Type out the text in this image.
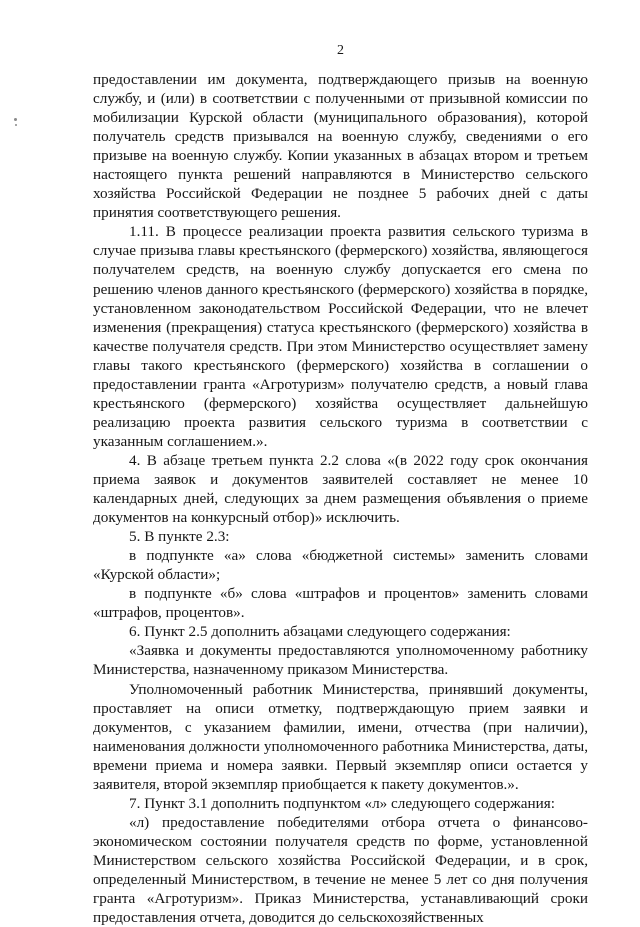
2

предоставлении им документа, подтверждающего призыв на военную службу, и (или) в соответствии с полученными от призывной комиссии по мобилизации Курской области (муниципального образования), которой получатель средств призывался на военную службу, сведениями о его призыве на военную службу. Копии указанных в абзацах втором и третьем настоящего пункта решений направляются в Министерство сельского хозяйства Российской Федерации не позднее 5 рабочих дней с даты принятия соответствующего решения.

1.11. В процессе реализации проекта развития сельского туризма в случае призыва главы крестьянского (фермерского) хозяйства, являющегося получателем средств, на военную службу допускается его смена по решению членов данного крестьянского (фермерского) хозяйства в порядке, установленном законодательством Российской Федерации, что не влечет изменения (прекращения) статуса крестьянского (фермерского) хозяйства в качестве получателя средств. При этом Министерство осуществляет замену главы такого крестьянского (фермерского) хозяйства в соглашении о предоставлении гранта «Агротуризм» получателю средств, а новый глава крестьянского (фермерского) хозяйства осуществляет дальнейшую реализацию проекта развития сельского туризма в соответствии с указанным соглашением.».

4. В абзаце третьем пункта 2.2 слова «(в 2022 году срок окончания приема заявок и документов заявителей составляет не менее 10 календарных дней, следующих за днем размещения объявления о приеме документов на конкурсный отбор)» исключить.

5. В пункте 2.3:

в подпункте «а» слова «бюджетной системы» заменить словами «Курской области»;

в подпункте «б» слова «штрафов и процентов» заменить словами «штрафов, процентов».

6. Пункт 2.5 дополнить абзацами следующего содержания:

«Заявка и документы предоставляются уполномоченному работнику Министерства, назначенному приказом Министерства.

Уполномоченный работник Министерства, принявший документы, проставляет на описи отметку, подтверждающую прием заявки и документов, с указанием фамилии, имени, отчества (при наличии), наименования должности уполномоченного работника Министерства, даты, времени приема и номера заявки. Первый экземпляр описи остается у заявителя, второй экземпляр приобщается к пакету документов.».

7. Пункт 3.1 дополнить подпунктом «л» следующего содержания:

«л) предоставление победителями отбора отчета о финансово-экономическом состоянии получателя средств по форме, установленной Министерством сельского хозяйства Российской Федерации, и в срок, определенный Министерством, в течение не менее 5 лет со дня получения гранта «Агротуризм». Приказ Министерства, устанавливающий сроки предоставления отчета, доводится до сельскохозяйственных
